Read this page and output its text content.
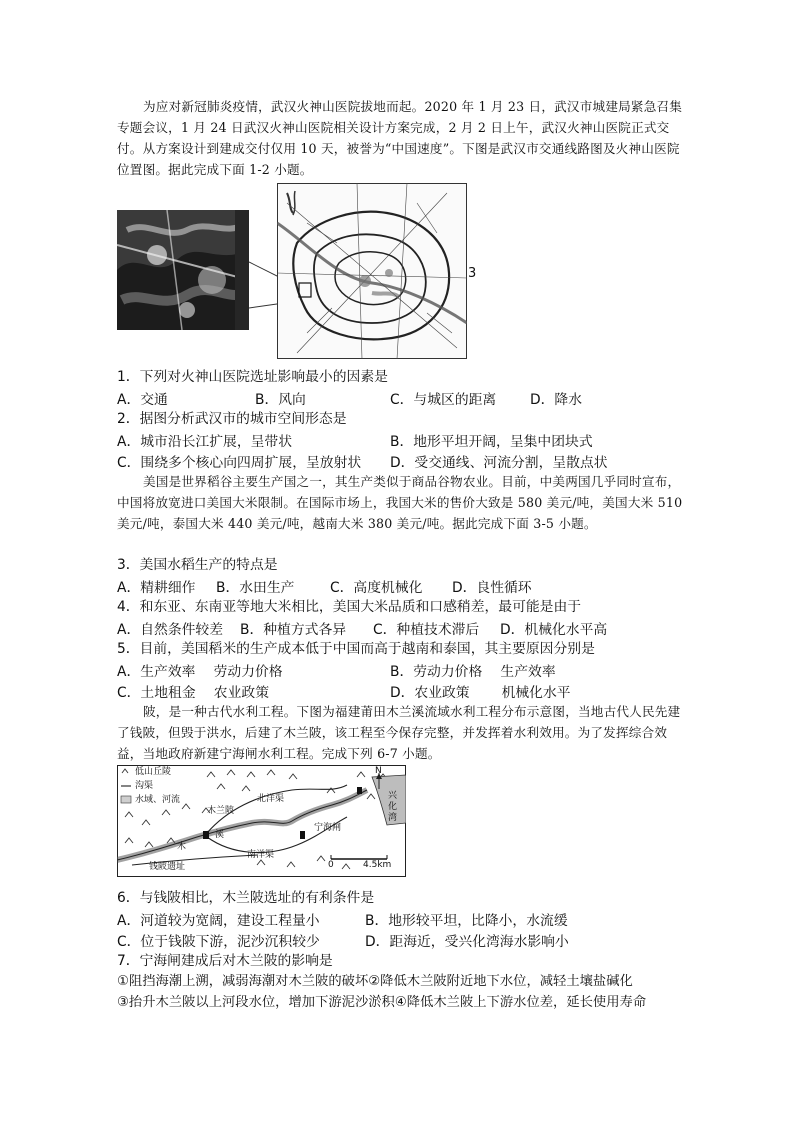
为应对新冠肺炎疫情，武汉火神山医院拔地而起。2020 年 1 月 23 日，武汉市城建局紧急召集专题会议，1 月 24 日武汉火神山医院相关设计方案完成，2 月 2 日上午，武汉火神山医院正式交付。从方案设计到建成交付仅用 10 天，被誉为“中国速度”。下图是武汉市交通线路图及火神山医院位置图。据此完成下面 1-2 小题。
3
1．下列对火神山医院选址影响最小的因素是
A．交通	B．风向	C．与城区的距离 D．降水
2．据图分析武汉市的城市空间形态是
A．城市沿长江扩展，呈带状	B．地形平坦开阔，呈集中团块式
C．围绕多个核心向四周扩展，呈放射状 D．受交通线、河流分割，呈散点状
美国是世界稻谷主要生产国之一，其生产类似于商品谷物农业。目前，中美两国几乎同时宣布，中国将放宽进口美国大米限制。在国际市场上，我国大米的售价大致是 580 美元/吨，美国大米 510 美元/吨，泰国大米 440 美元/吨，越南大米 380 美元/吨。据此完成下面 3-5 小题。
3．美国水稻生产的特点是
A．精耕细作 B．水田生产	C．高度机械化 D．良性循环
4．和东亚、东南亚等地大米相比，美国大米品质和口感稍差，最可能是由于
A．自然条件较差 B．种植方式各异 C．种植技术滞后 D．机械化水平高
5．目前，美国稻米的生产成本低于中国而高于越南和泰国，其主要原因分别是
A．生产效率　 劳动力价格	B．劳动力价格　 生产效率
C．土地租金　 农业政策	D．农业政策　　 机械化水平
陂，是一种古代水利工程。下图为福建莆田木兰溪流域水利工程分布示意图，当地古代人民先建了钱陂，但毁于洪水，后建了木兰陂，该工程至今保存完整，并发挥着水利效用。为了发挥综合效益，当地政府新建宁海闸水利工程。完成下列 6-7 小题。
低山丘陵
沟渠
水域、河流
木兰陂
北洋渠
宁海闸
兴化湾
溪
木
南洋渠
钱陂遗址
N
0	4.5km
6．与钱陂相比，木兰陂选址的有利条件是
A．河道较为宽阔，建设工程量小	B．地形较平坦，比降小，水流缓
C．位于钱陂下游，泥沙沉积较少	D．距海近，受兴化湾海水影响小
7．宁海闸建成后对木兰陂的影响是
①阻挡海潮上溯，减弱海潮对木兰陂的破坏②降低木兰陂附近地下水位，减轻土壤盐碱化
③抬升木兰陂以上河段水位，增加下游泥沙淤积④降低木兰陂上下游水位差，延长使用寿命
